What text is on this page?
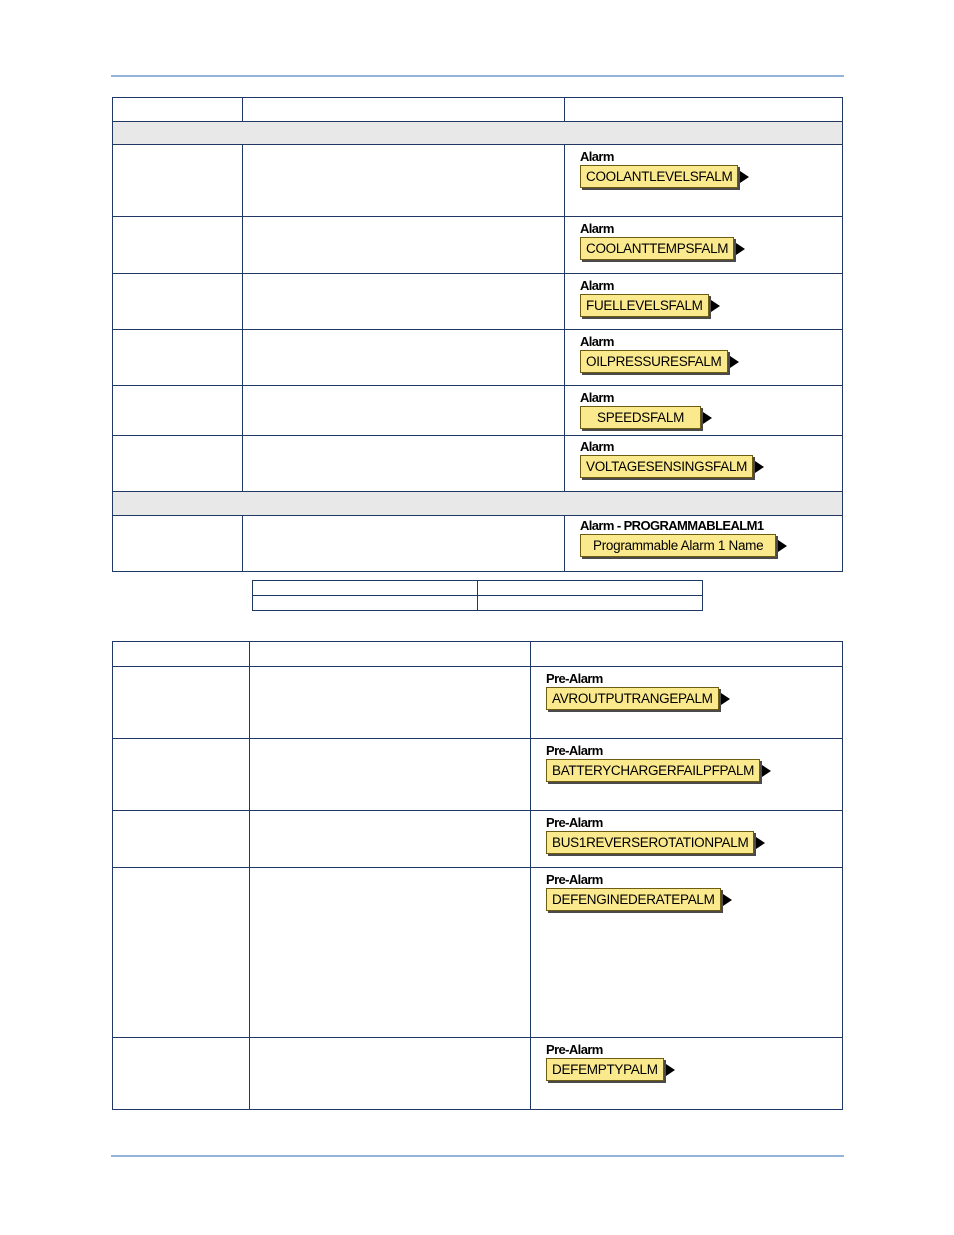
		Alarm
COOLANTLEVELSFALM

		Alarm
COOLANTTEMPSFALM

		Alarm
FUELLEVELSFALM

		Alarm
OILPRESSURESFALM

		Alarm
SPEEDSFALM

		Alarm
VOLTAGESENSINGSFALM

		Alarm - PROGRAMMABLEALM1
Programmable Alarm 1 Name

		Pre-Alarm
AVROUTPUTRANGEPALM

		Pre-Alarm
BATTERYCHARGERFAILPFPALM

		Pre-Alarm
BUS1REVERSEROTATIONPALM

		Pre-Alarm
DEFENGINEDERATEPALM

		Pre-Alarm
DEFEMPTYPALM
